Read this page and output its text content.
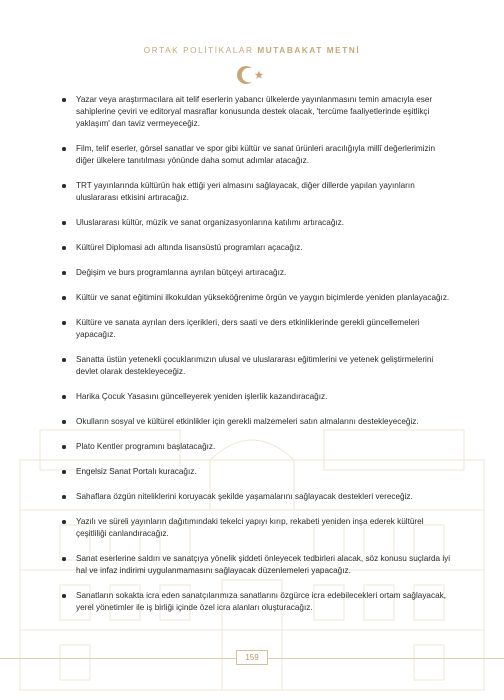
ORTAK POLİTİKALAR MUTABAKAT METNİ
Yazar veya araştırmacılara ait telif eserlerin yabancı ülkelerde yayınlanmasını temin amacıyla eser sahiplerine çeviri ve editoryal masraflar konusunda destek olacak, 'tercüme faaliyetlerinde eşitlikçi yaklaşım' dan taviz vermeyeceğiz.
Film, telif eserler, görsel sanatlar ve spor gibi kültür ve sanat ürünleri aracılığıyla millî değerlerimizin diğer ülkelere tanıtılması yönünde daha somut adımlar atacağız.
TRT yayınlarında kültürün hak ettiği yeri almasını sağlayacak, diğer dillerde yapılan yayınların uluslararası etkisini artıracağız.
Uluslararası kültür, müzik ve sanat organizasyonlarına katılımı artıracağız.
Kültürel Diplomasi adı altında lisansüstü programları açacağız.
Değişim ve burs programlarına ayrılan bütçeyi artıracağız.
Kültür ve sanat eğitimini ilkokuldan yükseköğrenime örgün ve yaygın biçimlerde yeniden planlayacağız.
Kültüre ve sanata ayrılan ders içerikleri, ders saati ve ders etkinliklerinde gerekli güncellemeleri yapacağız.
Sanatta üstün yetenekli çocuklarımızın ulusal ve uluslararası eğitimlerini ve yetenek geliştirmelerini devlet olarak destekleyeceğiz.
Harika Çocuk Yasasını güncelleyerek yeniden işlerlik kazandıracağız.
Okulların sosyal ve kültürel etkinlikler için gerekli malzemeleri satın almalarını destekleyeceğiz.
Plato Kentler programını başlatacağız.
Engelsiz Sanat Portalı kuracağız.
Sahaflara özgün niteliklerini koruyacak şekilde yaşamalarını sağlayacak destekleri vereceğiz.
Yazılı ve süreli yayınların dağıtımındaki tekelci yapıyı kırıp, rekabeti yeniden inşa ederek kültürel çeşitliliği canlandıracağız.
Sanat eserlerine saldırı ve sanatçıya yönelik şiddeti önleyecek tedbirleri alacak, söz konusu suçlarda iyi hal ve infaz indirimi uygulanmamasını sağlayacak düzenlemeleri yapacağız.
Sanatların sokakta icra eden sanatçılarımıza sanatlarını özgürce icra edebilecekleri ortam sağlayacak, yerel yönetimler ile iş birliği içinde özel icra alanları oluşturacağız.
159
